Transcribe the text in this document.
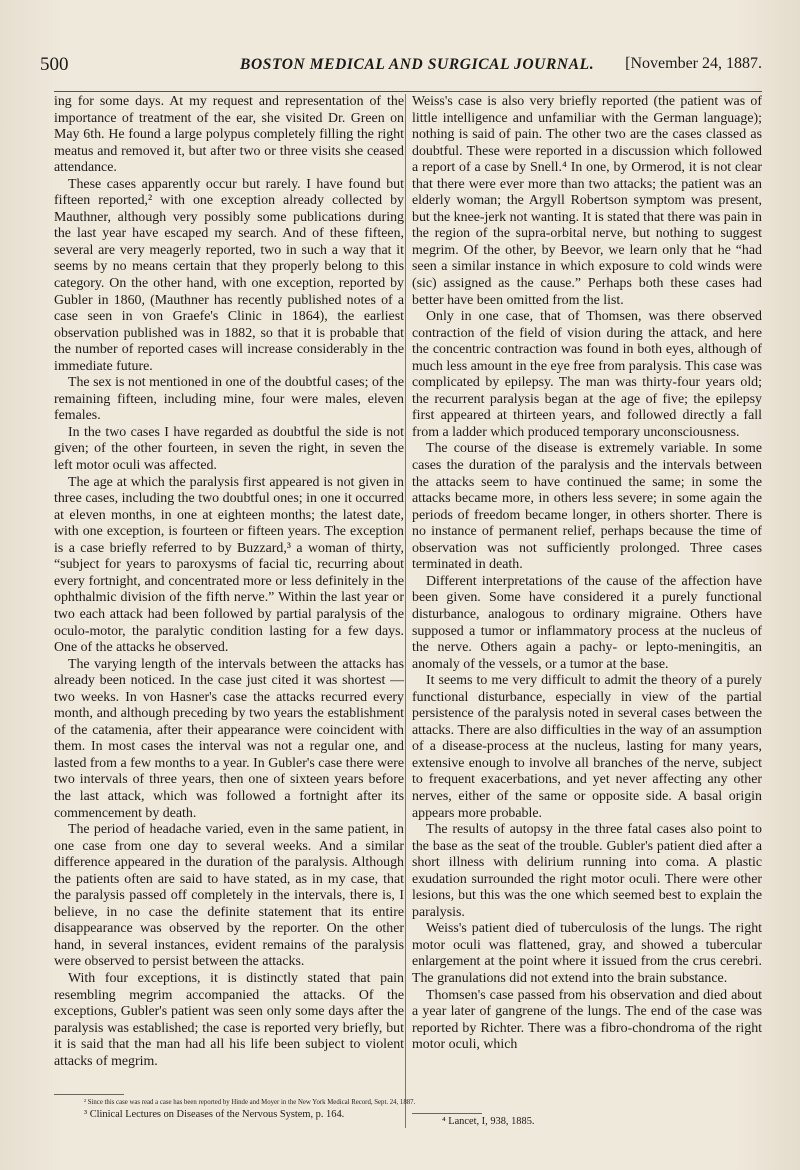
500	BOSTON MEDICAL AND SURGICAL JOURNAL. [November 24, 1887.

ing for some days. At my request and representation of the importance of treatment of the ear, she visited Dr. Green on May 6th. He found a large polypus completely filling the right meatus and removed it, but after two or three visits she ceased attendance.

These cases apparently occur but rarely. I have found but fifteen reported,² with one exception already collected by Mauthner, although very possibly some publications during the last year have escaped my search. And of these fifteen, several are very meagerly reported, two in such a way that it seems by no means certain that they properly belong to this category. On the other hand, with one exception, reported by Gubler in 1860, (Mauthner has recently published notes of a case seen in von Graefe's Clinic in 1864), the earliest observation published was in 1882, so that it is probable that the number of reported cases will increase considerably in the immediate future.

The sex is not mentioned in one of the doubtful cases; of the remaining fifteen, including mine, four were males, eleven females.

In the two cases I have regarded as doubtful the side is not given; of the other fourteen, in seven the right, in seven the left motor oculi was affected.

The age at which the paralysis first appeared is not given in three cases, including the two doubtful ones; in one it occurred at eleven months, in one at eighteen months; the latest date, with one exception, is fourteen or fifteen years. The exception is a case briefly referred to by Buzzard,³ a woman of thirty, “subject for years to paroxysms of facial tic, recurring about every fortnight, and concentrated more or less definitely in the ophthalmic division of the fifth nerve.” Within the last year or two each attack had been followed by partial paralysis of the oculo-motor, the paralytic condition lasting for a few days. One of the attacks he observed.

The varying length of the intervals between the attacks has already been noticed. In the case just cited it was shortest — two weeks. In von Hasner's case the attacks recurred every month, and although preceding by two years the establishment of the catamenia, after their appearance were coincident with them. In most cases the interval was not a regular one, and lasted from a few months to a year. In Gubler's case there were two intervals of three years, then one of sixteen years before the last attack, which was followed a fortnight after its commencement by death.

The period of headache varied, even in the same patient, in one case from one day to several weeks. And a similar difference appeared in the duration of the paralysis. Although the patients often are said to have stated, as in my case, that the paralysis passed off completely in the intervals, there is, I believe, in no case the definite statement that its entire disappearance was observed by the reporter. On the other hand, in several instances, evident remains of the paralysis were observed to persist between the attacks.

With four exceptions, it is distinctly stated that pain resembling megrim accompanied the attacks. Of the exceptions, Gubler's patient was seen only some days after the paralysis was established; the case is reported very briefly, but it is said that the man had all his life been subject to violent attacks of megrim.

Weiss's case is also very briefly reported (the patient was of little intelligence and unfamiliar with the German language); nothing is said of pain. The other two are the cases classed as doubtful. These were reported in a discussion which followed a report of a case by Snell.⁴ In one, by Ormerod, it is not clear that there were ever more than two attacks; the patient was an elderly woman; the Argyll Robertson symptom was present, but the knee-jerk not wanting. It is stated that there was pain in the region of the supra-orbital nerve, but nothing to suggest megrim. Of the other, by Beevor, we learn only that he “had seen a similar instance in which exposure to cold winds were (sic) assigned as the cause.” Perhaps both these cases had better have been omitted from the list.

Only in one case, that of Thomsen, was there observed contraction of the field of vision during the attack, and here the concentric contraction was found in both eyes, although of much less amount in the eye free from paralysis. This case was complicated by epilepsy. The man was thirty-four years old; the recurrent paralysis began at the age of five; the epilepsy first appeared at thirteen years, and followed directly a fall from a ladder which produced temporary unconsciousness.

The course of the disease is extremely variable. In some cases the duration of the paralysis and the intervals between the attacks seem to have continued the same; in some the attacks became more, in others less severe; in some again the periods of freedom became longer, in others shorter. There is no instance of permanent relief, perhaps because the time of observation was not sufficiently prolonged. Three cases terminated in death.

Different interpretations of the cause of the affection have been given. Some have considered it a purely functional disturbance, analogous to ordinary migraine. Others have supposed a tumor or inflammatory process at the nucleus of the nerve. Others again a pachy- or lepto-meningitis, an anomaly of the vessels, or a tumor at the base.

It seems to me very difficult to admit the theory of a purely functional disturbance, especially in view of the partial persistence of the paralysis noted in several cases between the attacks. There are also difficulties in the way of an assumption of a disease-process at the nucleus, lasting for many years, extensive enough to involve all branches of the nerve, subject to frequent exacerbations, and yet never affecting any other nerves, either of the same or opposite side. A basal origin appears more probable.

The results of autopsy in the three fatal cases also point to the base as the seat of the trouble. Gubler's patient died after a short illness with delirium running into coma. A plastic exudation surrounded the right motor oculi. There were other lesions, but this was the one which seemed best to explain the paralysis.

Weiss's patient died of tuberculosis of the lungs. The right motor oculi was flattened, gray, and showed a tubercular enlargement at the point where it issued from the crus cerebri. The granulations did not extend into the brain substance.

Thomsen's case passed from his observation and died about a year later of gangrene of the lungs. The end of the case was reported by Richter. There was a fibro-chondroma of the right motor oculi, which

² Since this case was read a case has been reported by Hinde and Moyer in the New York Medical Record, Sept. 24, 1887.
³ Clinical Lectures on Diseases of the Nervous System, p. 164.
⁴ Lancet, I, 938, 1885.
